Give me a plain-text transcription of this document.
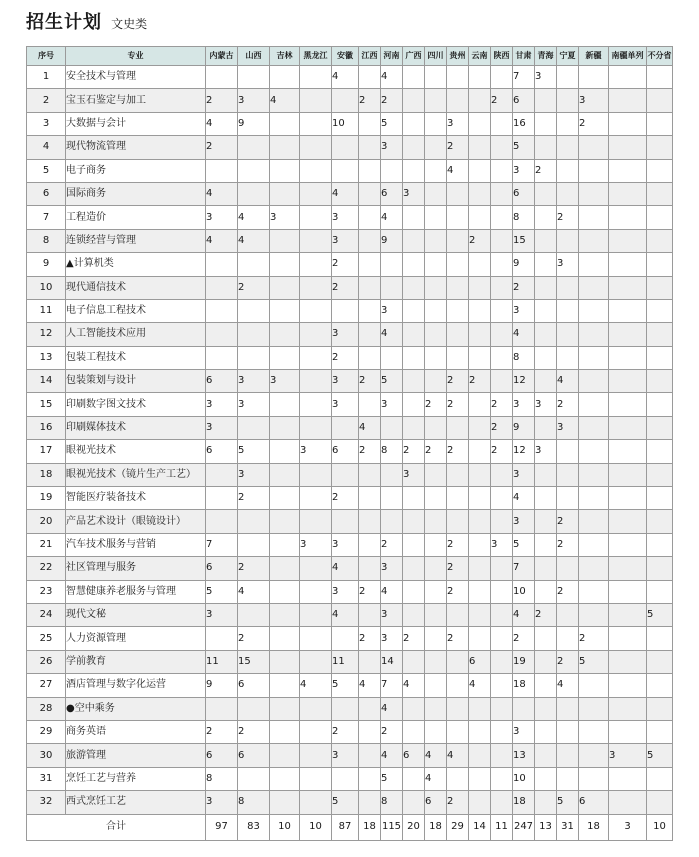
招生计划 文史类
序号	专业	内蒙古	山西	吉林	黑龙江	安徽	江西	河南	广西	四川	贵州	云南	陕西	甘肃	青海	宁夏	新疆	南疆单列	不分省
1	安全技术与管理					4		4						7	3				
2	宝玉石鉴定与加工	2	3	4			2	2					2	6			3		
3	大数据与会计	4	9			10		5			3			16			2		
4	现代物流管理	2						3			2			5					
5	电子商务										4			3	2				
6	国际商务	4				4		6	3					6					
7	工程造价	3	4	3		3		4						8		2			
8	连锁经营与管理	4	4			3		9				2		15					
9	▲计算机类					2								9		3			
10	现代通信技术		2			2								2					
11	电子信息工程技术							3						3					
12	人工智能技术应用					3		4						4					
13	包装工程技术					2								8					
14	包装策划与设计	6	3	3		3	2	5			2	2		12		4			
15	印刷数字图文技术	3	3			3		3		2	2		2	3	3	2			
16	印刷媒体技术	3					4						2	9		3			
17	眼视光技术	6	5		3	6	2	8	2	2	2		2	12	3				
18	眼视光技术（镜片生产工艺）		3						3					3					
19	智能医疗装备技术		2			2								4					
20	产品艺术设计（眼镜设计）													3		2			
21	汽车技术服务与营销	7			3	3		2			2		3	5		2			
22	社区管理与服务	6	2			4		3			2			7					
23	智慧健康养老服务与管理	5	4			3	2	4			2			10		2			
24	现代文秘	3				4		3						4	2				5
25	人力资源管理		2				2	3	2		2			2			2		
26	学前教育	11	15			11		14				6		19		2	5		
27	酒店管理与数字化运营	9	6		4	5	4	7	4			4		18		4			
28	●空中乘务							4											
29	商务英语	2	2			2		2						3					
30	旅游管理	6	6			3		4	6	4	4			13				3	5
31	烹饪工艺与营养	8						5		4				10					
32	西式烹饪工艺	3	8			5		8		6	2			18		5	6		
合计		97	83	10	10	87	18	115	20	18	29	14	11	247	13	31	18	3	10
